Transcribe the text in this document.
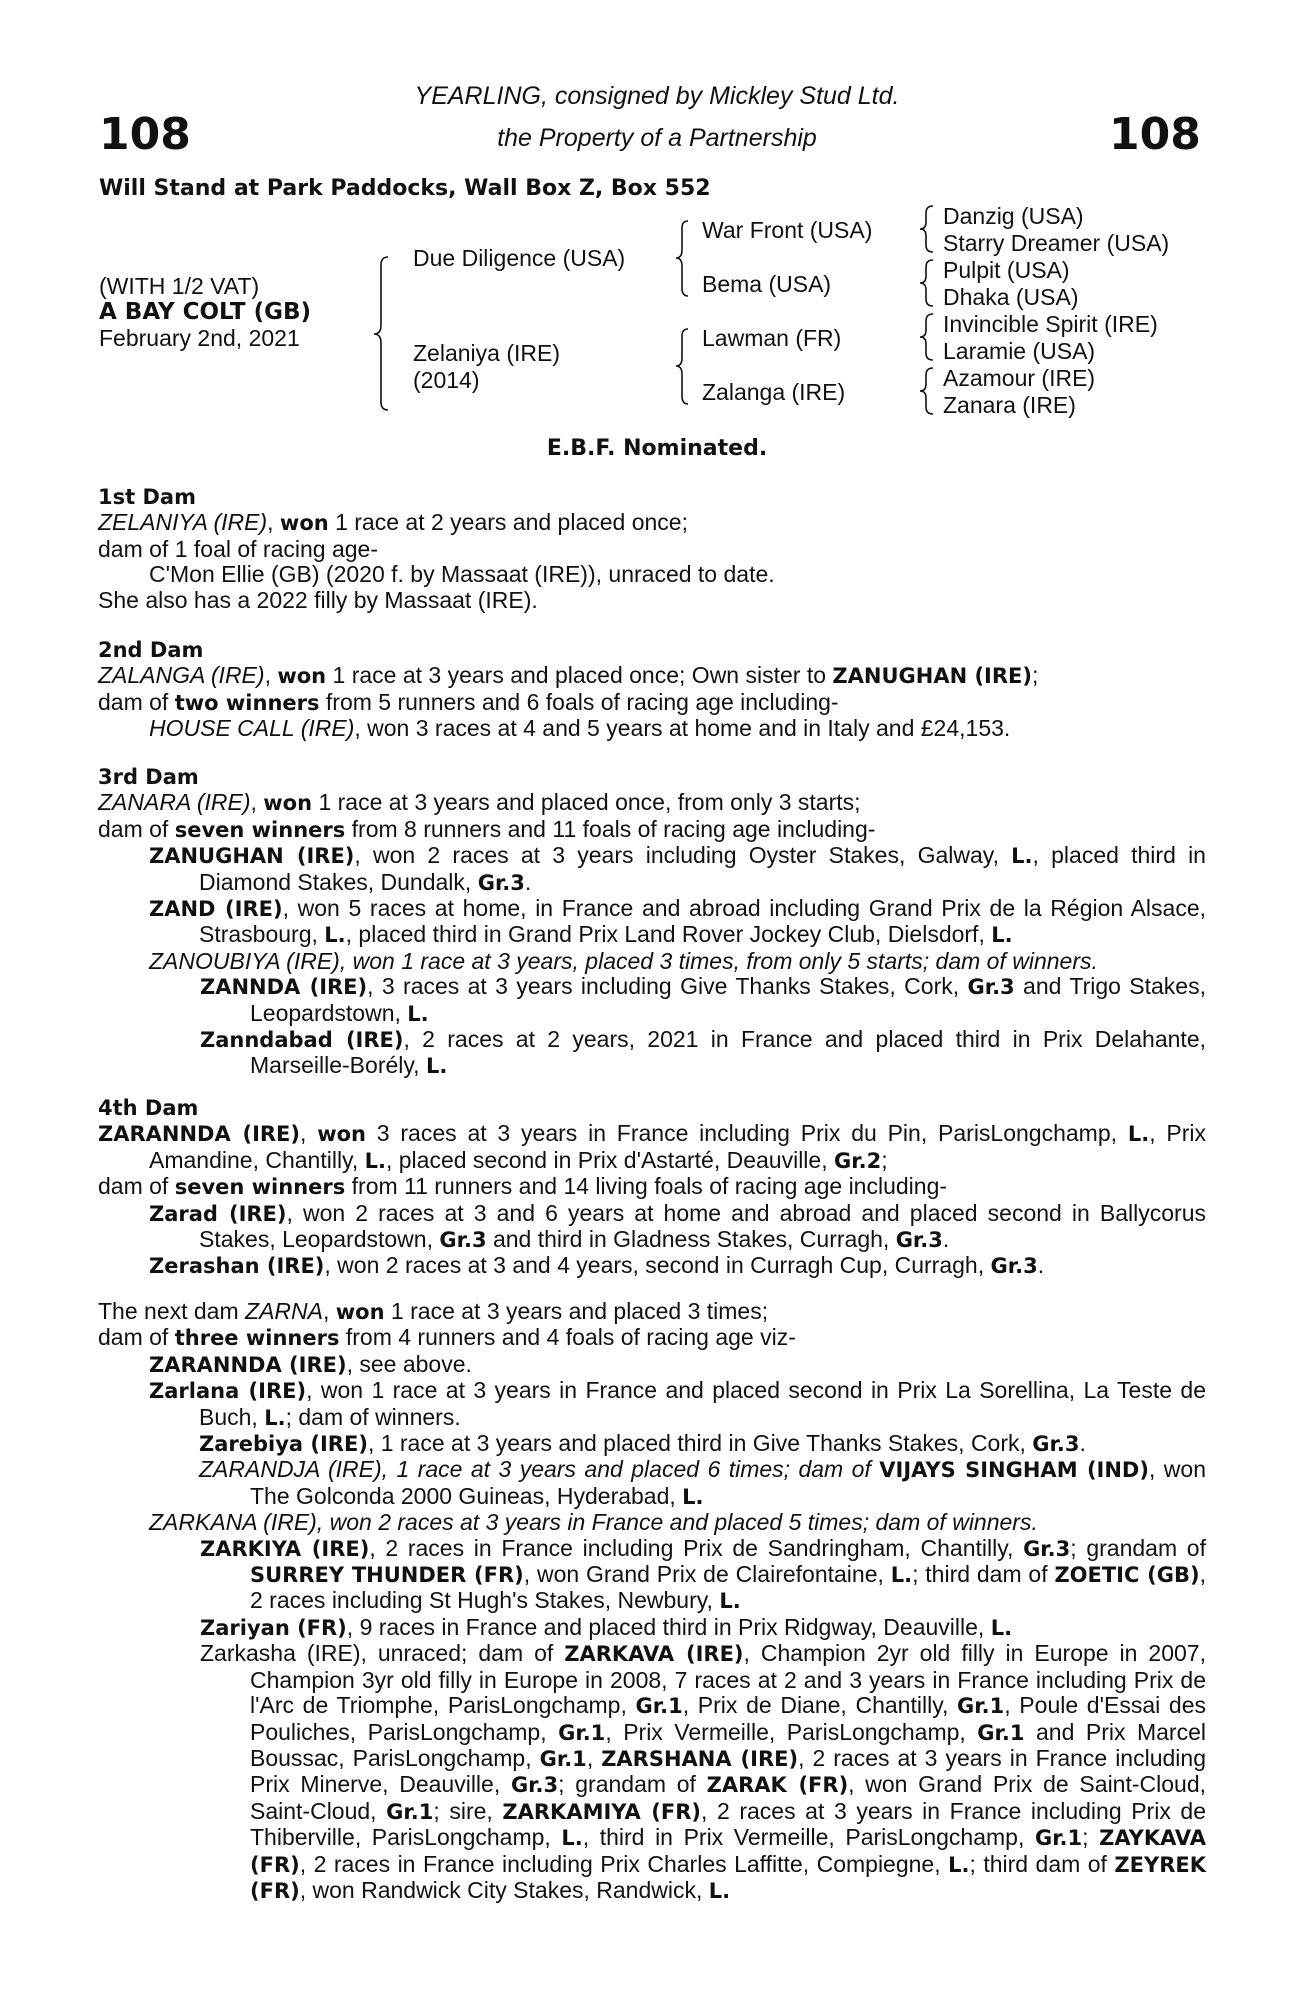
108	108
YEARLING, consigned by Mickley Stud Ltd.
the Property of a Partnership
Will Stand at Park Paddocks, Wall Box Z, Box 552
(WITH 1/2 VAT)
A BAY COLT (GB)
February 2nd, 2021
Due Diligence (USA)
Zelaniya (IRE)
(2014)
War Front (USA)
Bema (USA)
Lawman (FR)
Zalanga (IRE)
Danzig (USA)
Starry Dreamer (USA)
Pulpit (USA)
Dhaka (USA)
Invincible Spirit (IRE)
Laramie (USA)
Azamour (IRE)
Zanara (IRE)
E.B.F. Nominated.

1st Dam

ZELANIYA (IRE), won 1 race at 2 years and placed once;

dam of 1 foal of racing age-

C'Mon Ellie (GB) (2020 f. by Massaat (IRE)), unraced to date.

She also has a 2022 filly by Massaat (IRE).

2nd Dam

ZALANGA (IRE), won 1 race at 3 years and placed once; Own sister to ZANUGHAN (IRE);

dam of two winners from 5 runners and 6 foals of racing age including-

HOUSE CALL (IRE), won 3 races at 4 and 5 years at home and in Italy and £24,153.

3rd Dam

ZANARA (IRE), won 1 race at 3 years and placed once, from only 3 starts;

dam of seven winners from 8 runners and 11 foals of racing age including-

ZANUGHAN (IRE), won 2 races at 3 years including Oyster Stakes, Galway, L., placed third in Diamond Stakes, Dundalk, Gr.3.

ZAND (IRE), won 5 races at home, in France and abroad including Grand Prix de la Région Alsace, Strasbourg, L., placed third in Grand Prix Land Rover Jockey Club, Dielsdorf, L.

ZANOUBIYA (IRE), won 1 race at 3 years, placed 3 times, from only 5 starts; dam of winners.

ZANNDA (IRE), 3 races at 3 years including Give Thanks Stakes, Cork, Gr.3 and Trigo Stakes, Leopardstown, L.

Zanndabad (IRE), 2 races at 2 years, 2021 in France and placed third in Prix Delahante, Marseille-Borély, L.

4th Dam

ZARANNDA (IRE), won 3 races at 3 years in France including Prix du Pin, ParisLongchamp, L., Prix Amandine, Chantilly, L., placed second in Prix d'Astarté, Deauville, Gr.2;

dam of seven winners from 11 runners and 14 living foals of racing age including-

Zarad (IRE), won 2 races at 3 and 6 years at home and abroad and placed second in Ballycorus Stakes, Leopardstown, Gr.3 and third in Gladness Stakes, Curragh, Gr.3.

Zerashan (IRE), won 2 races at 3 and 4 years, second in Curragh Cup, Curragh, Gr.3.

The next dam ZARNA, won 1 race at 3 years and placed 3 times;

dam of three winners from 4 runners and 4 foals of racing age viz-

ZARANNDA (IRE), see above.

Zarlana (IRE), won 1 race at 3 years in France and placed second in Prix La Sorellina, La Teste de Buch, L.; dam of winners.

Zarebiya (IRE), 1 race at 3 years and placed third in Give Thanks Stakes, Cork, Gr.3.

ZARANDJA (IRE), 1 race at 3 years and placed 6 times; dam of VIJAYS SINGHAM (IND), won The Golconda 2000 Guineas, Hyderabad, L.

ZARKANA (IRE), won 2 races at 3 years in France and placed 5 times; dam of winners.

ZARKIYA (IRE), 2 races in France including Prix de Sandringham, Chantilly, Gr.3; grandam of SURREY THUNDER (FR), won Grand Prix de Clairefontaine, L.; third dam of ZOETIC (GB), 2 races including St Hugh's Stakes, Newbury, L.

Zariyan (FR), 9 races in France and placed third in Prix Ridgway, Deauville, L.

Zarkasha (IRE), unraced; dam of ZARKAVA (IRE), Champion 2yr old filly in Europe in 2007, Champion 3yr old filly in Europe in 2008, 7 races at 2 and 3 years in France including Prix de l'Arc de Triomphe, ParisLongchamp, Gr.1, Prix de Diane, Chantilly, Gr.1, Poule d'Essai des Pouliches, ParisLongchamp, Gr.1, Prix Vermeille, ParisLongchamp, Gr.1 and Prix Marcel Boussac, ParisLongchamp, Gr.1, ZARSHANA (IRE), 2 races at 3 years in France including Prix Minerve, Deauville, Gr.3; grandam of ZARAK (FR), won Grand Prix de Saint-Cloud, Saint-Cloud, Gr.1; sire, ZARKAMIYA (FR), 2 races at 3 years in France including Prix de Thiberville, ParisLongchamp, L., third in Prix Vermeille, ParisLongchamp, Gr.1; ZAYKAVA (FR), 2 races in France including Prix Charles Laffitte, Compiegne, L.; third dam of ZEYREK (FR), won Randwick City Stakes, Randwick, L.
